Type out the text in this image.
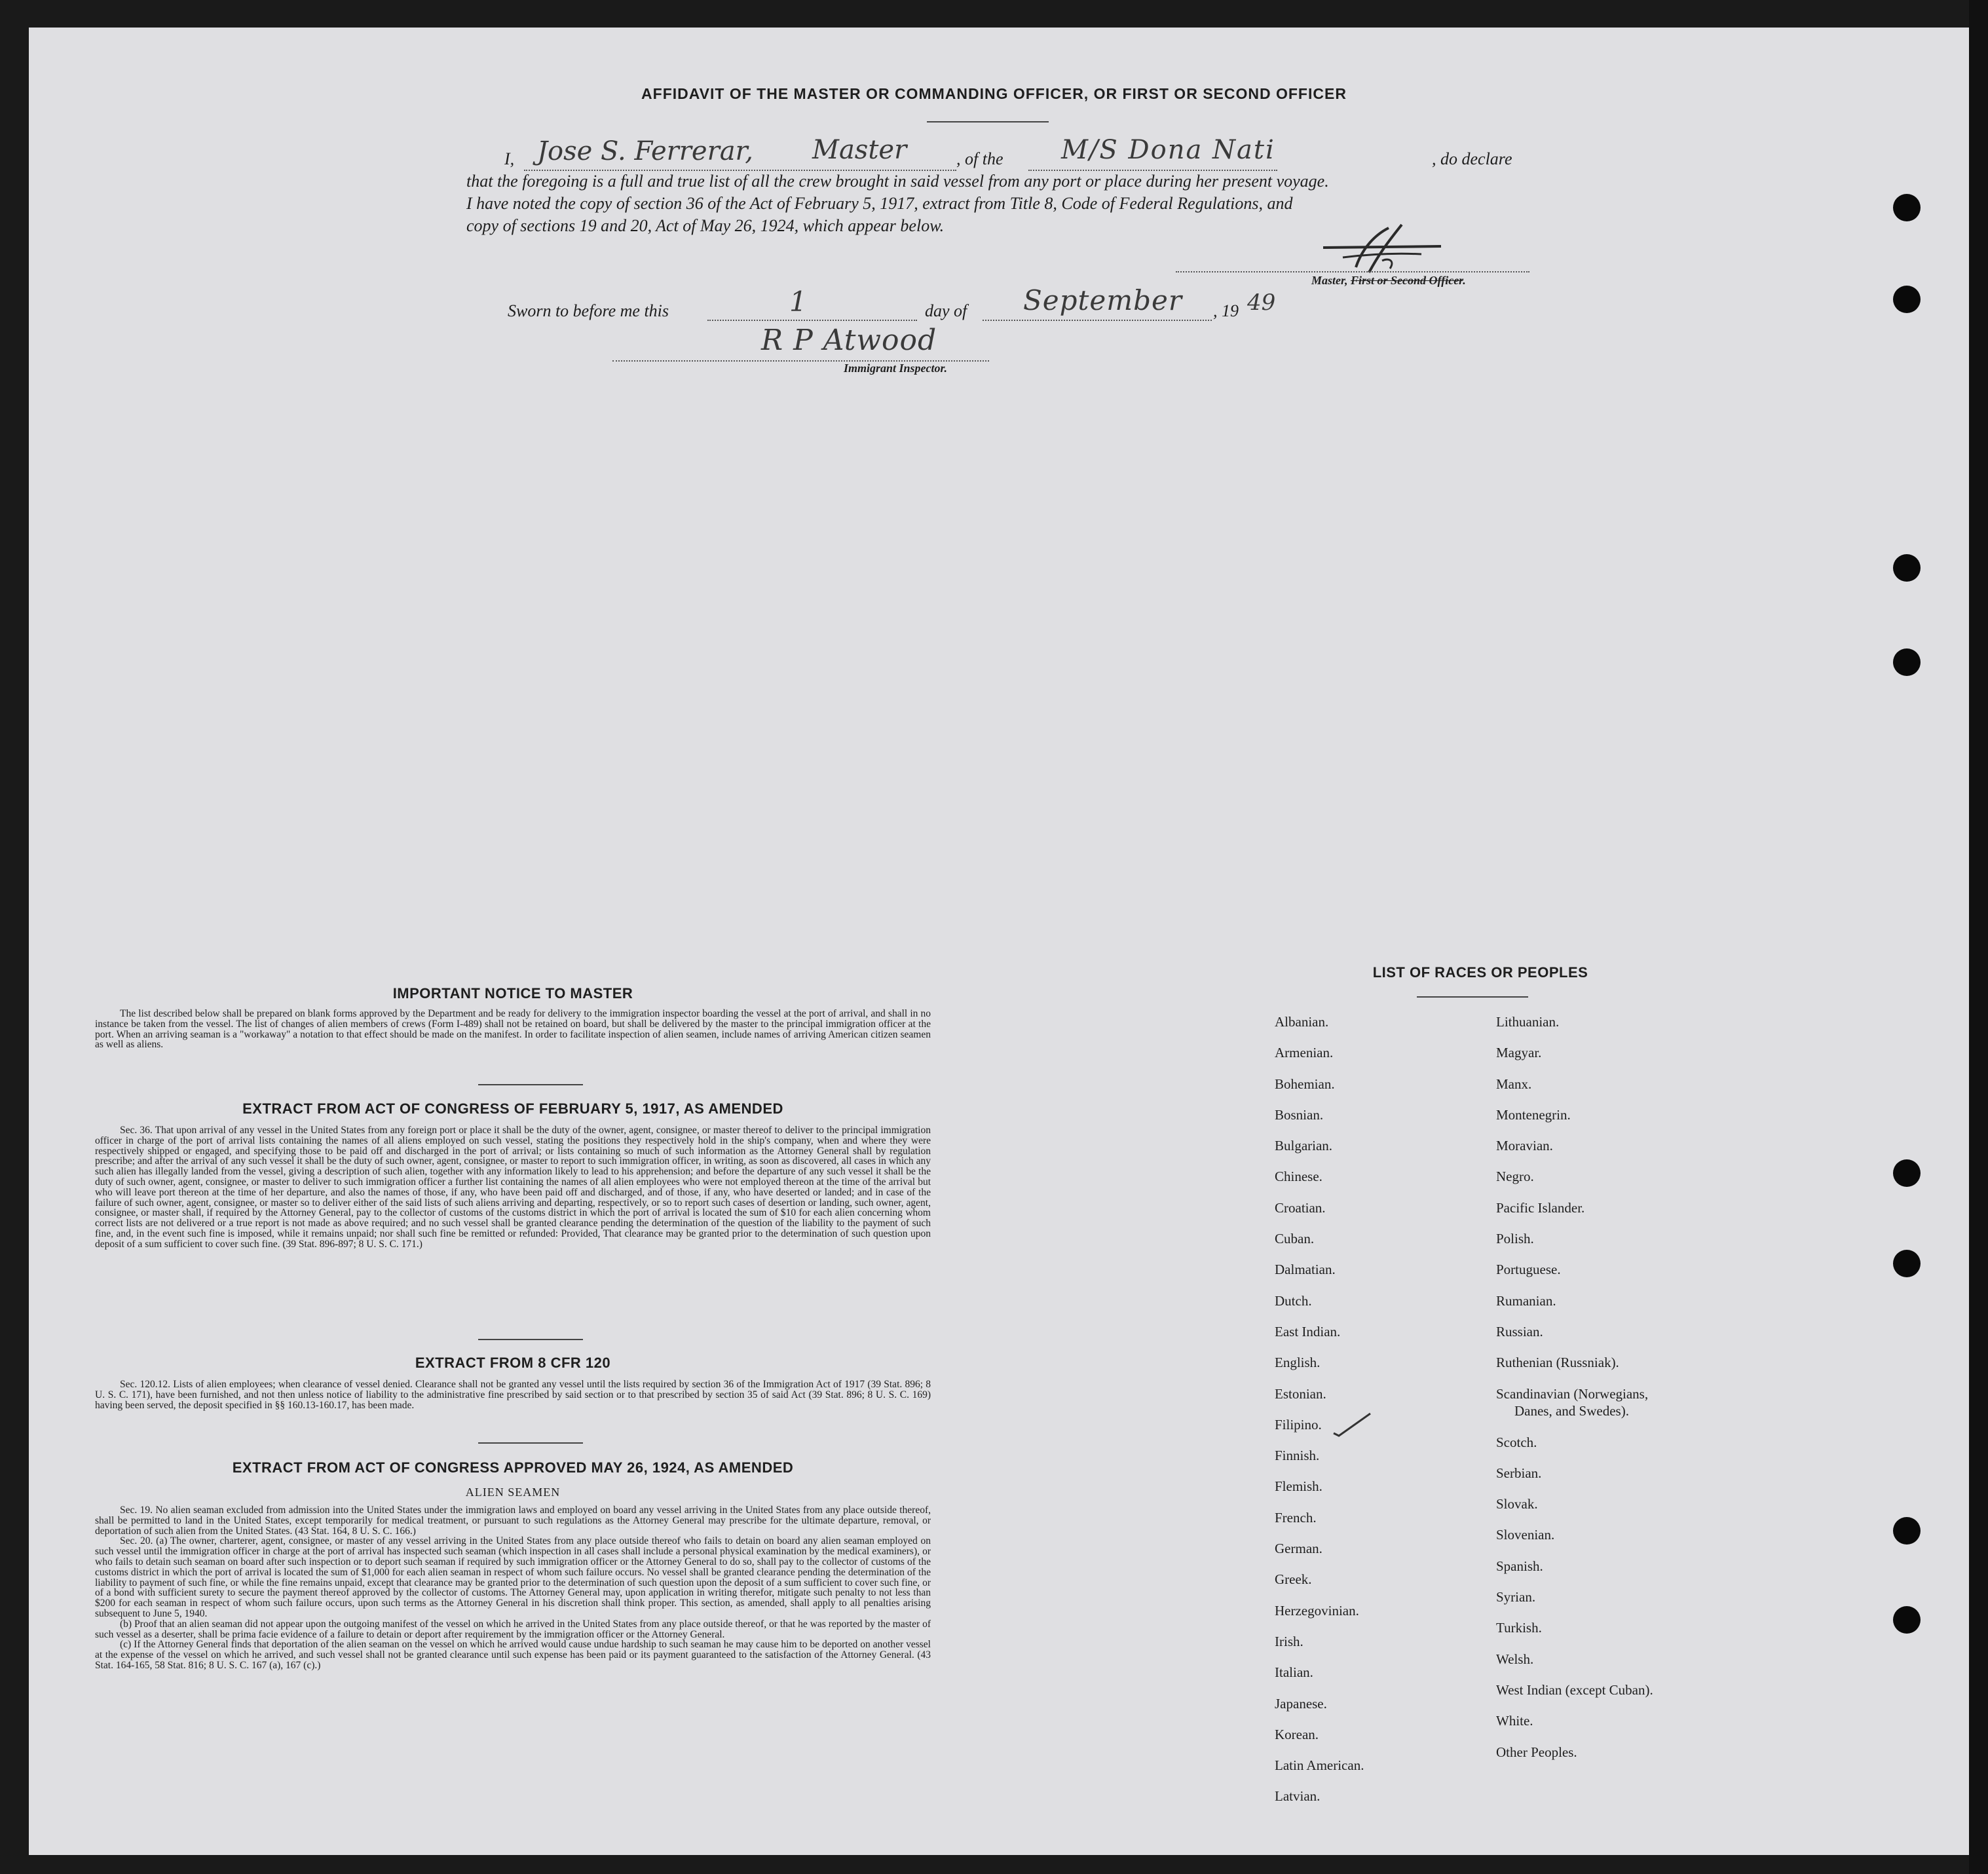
AFFIDAVIT OF THE MASTER OR COMMANDING OFFICER, OR FIRST OR SECOND OFFICER
I, Jose S. Ferrerar, Master	, of the M/S Dona Nati	, do declare
that the foregoing is a full and true list of all the crew brought in said vessel from any port or place during her present voyage.
I have noted the copy of section 36 of the Act of February 5, 1917, extract from Title 8, Code of Federal Regulations, and
copy of sections 19 and 20, Act of May 26, 1924, which appear below.
Master, First or Second Officer.
Sworn to before me this	1	day of September , 19 49
R P Atwood
Immigrant Inspector.
IMPORTANT NOTICE TO MASTER

The list described below shall be prepared on blank forms approved by the Department and be ready for delivery to the immigration inspector boarding the vessel at the port of arrival, and shall in no instance be taken from the vessel. The list of changes of alien members of crews (Form I-489) shall not be retained on board, but shall be delivered by the master to the principal immigration officer at the port. When an arriving seaman is a "workaway" a notation to that effect should be made on the manifest. In order to facilitate inspection of alien seamen, include names of arriving American citizen seamen as well as aliens.

EXTRACT FROM ACT OF CONGRESS OF FEBRUARY 5, 1917, AS AMENDED

Sec. 36. That upon arrival of any vessel in the United States from any foreign port or place it shall be the duty of the owner, agent, consignee, or master thereof to deliver to the principal immigration officer in charge of the port of arrival lists containing the names of all aliens employed on such vessel, stating the positions they respectively hold in the ship's company, when and where they were respectively shipped or engaged, and specifying those to be paid off and discharged in the port of arrival; or lists containing so much of such information as the Attorney General shall by regulation prescribe; and after the arrival of any such vessel it shall be the duty of such owner, agent, consignee, or master to report to such immigration officer, in writing, as soon as discovered, all cases in which any such alien has illegally landed from the vessel, giving a description of such alien, together with any information likely to lead to his apprehension; and before the departure of any such vessel it shall be the duty of such owner, agent, consignee, or master to deliver to such immigration officer a further list containing the names of all alien employees who were not employed thereon at the time of the arrival but who will leave port thereon at the time of her departure, and also the names of those, if any, who have been paid off and discharged, and of those, if any, who have deserted or landed; and in case of the failure of such owner, agent, consignee, or master so to deliver either of the said lists of such aliens arriving and departing, respectively, or so to report such cases of desertion or landing, such owner, agent, consignee, or master shall, if required by the Attorney General, pay to the collector of customs of the customs district in which the port of arrival is located the sum of $10 for each alien concerning whom correct lists are not delivered or a true report is not made as above required; and no such vessel shall be granted clearance pending the determination of the question of the liability to the payment of such fine, and, in the event such fine is imposed, while it remains unpaid; nor shall such fine be remitted or refunded: Provided, That clearance may be granted prior to the determination of such question upon deposit of a sum sufficient to cover such fine. (39 Stat. 896-897; 8 U. S. C. 171.)

EXTRACT FROM 8 CFR 120

Sec. 120.12. Lists of alien employees; when clearance of vessel denied. Clearance shall not be granted any vessel until the lists required by section 36 of the Immigration Act of 1917 (39 Stat. 896; 8 U. S. C. 171), have been furnished, and not then unless notice of liability to the administrative fine prescribed by said section or to that prescribed by section 35 of said Act (39 Stat. 896; 8 U. S. C. 169) having been served, the deposit specified in §§ 160.13-160.17, has been made.

EXTRACT FROM ACT OF CONGRESS APPROVED MAY 26, 1924, AS AMENDED
ALIEN SEAMEN

Sec. 19. No alien seaman excluded from admission into the United States under the immigration laws and employed on board any vessel arriving in the United States from any place outside thereof, shall be permitted to land in the United States, except temporarily for medical treatment, or pursuant to such regulations as the Attorney General may prescribe for the ultimate departure, removal, or deportation of such alien from the United States. (43 Stat. 164, 8 U. S. C. 166.)

Sec. 20. (a) The owner, charterer, agent, consignee, or master of any vessel arriving in the United States from any place outside thereof who fails to detain on board any alien seaman employed on such vessel until the immigration officer in charge at the port of arrival has inspected such seaman (which inspection in all cases shall include a personal physical examination by the medical examiners), or who fails to detain such seaman on board after such inspection or to deport such seaman if required by such immigration officer or the Attorney General to do so, shall pay to the collector of customs of the customs district in which the port of arrival is located the sum of $1,000 for each alien seaman in respect of whom such failure occurs. No vessel shall be granted clearance pending the determination of the liability to payment of such fine, or while the fine remains unpaid, except that clearance may be granted prior to the determination of such question upon the deposit of a sum sufficient to cover such fine, or of a bond with sufficient surety to secure the payment thereof approved by the collector of customs. The Attorney General may, upon application in writing therefor, mitigate such penalty to not less than $200 for each seaman in respect of whom such failure occurs, upon such terms as the Attorney General in his discretion shall think proper. This section, as amended, shall apply to all penalties arising subsequent to June 5, 1940.

(b) Proof that an alien seaman did not appear upon the outgoing manifest of the vessel on which he arrived in the United States from any place outside thereof, or that he was reported by the master of such vessel as a deserter, shall be prima facie evidence of a failure to detain or deport after requirement by the immigration officer or the Attorney General.

(c) If the Attorney General finds that deportation of the alien seaman on the vessel on which he arrived would cause undue hardship to such seaman he may cause him to be deported on another vessel at the expense of the vessel on which he arrived, and such vessel shall not be granted clearance until such expense has been paid or its payment guaranteed to the satisfaction of the Attorney General. (43 Stat. 164-165, 58 Stat. 816; 8 U. S. C. 167 (a), 167 (c).)

LIST OF RACES OR PEOPLES
Albanian.
Armenian.
Bohemian.
Bosnian.
Bulgarian.
Chinese.
Croatian.
Cuban.
Dalmatian.
Dutch.
East Indian.
English.
Estonian.
Filipino.
Finnish.
Flemish.
French.
German.
Greek.
Herzegovinian.
Irish.
Italian.
Japanese.
Korean.
Latin American.
Latvian.
Lithuanian.
Magyar.
Manx.
Montenegrin.
Moravian.
Negro.
Pacific Islander.
Polish.
Portuguese.
Rumanian.
Russian.
Ruthenian (Russniak).
Scandinavian (Norwegians,
Danes, and Swedes).
Scotch.
Serbian.
Slovak.
Slovenian.
Spanish.
Syrian.
Turkish.
Welsh.
West Indian (except Cuban).
White.
Other Peoples.
